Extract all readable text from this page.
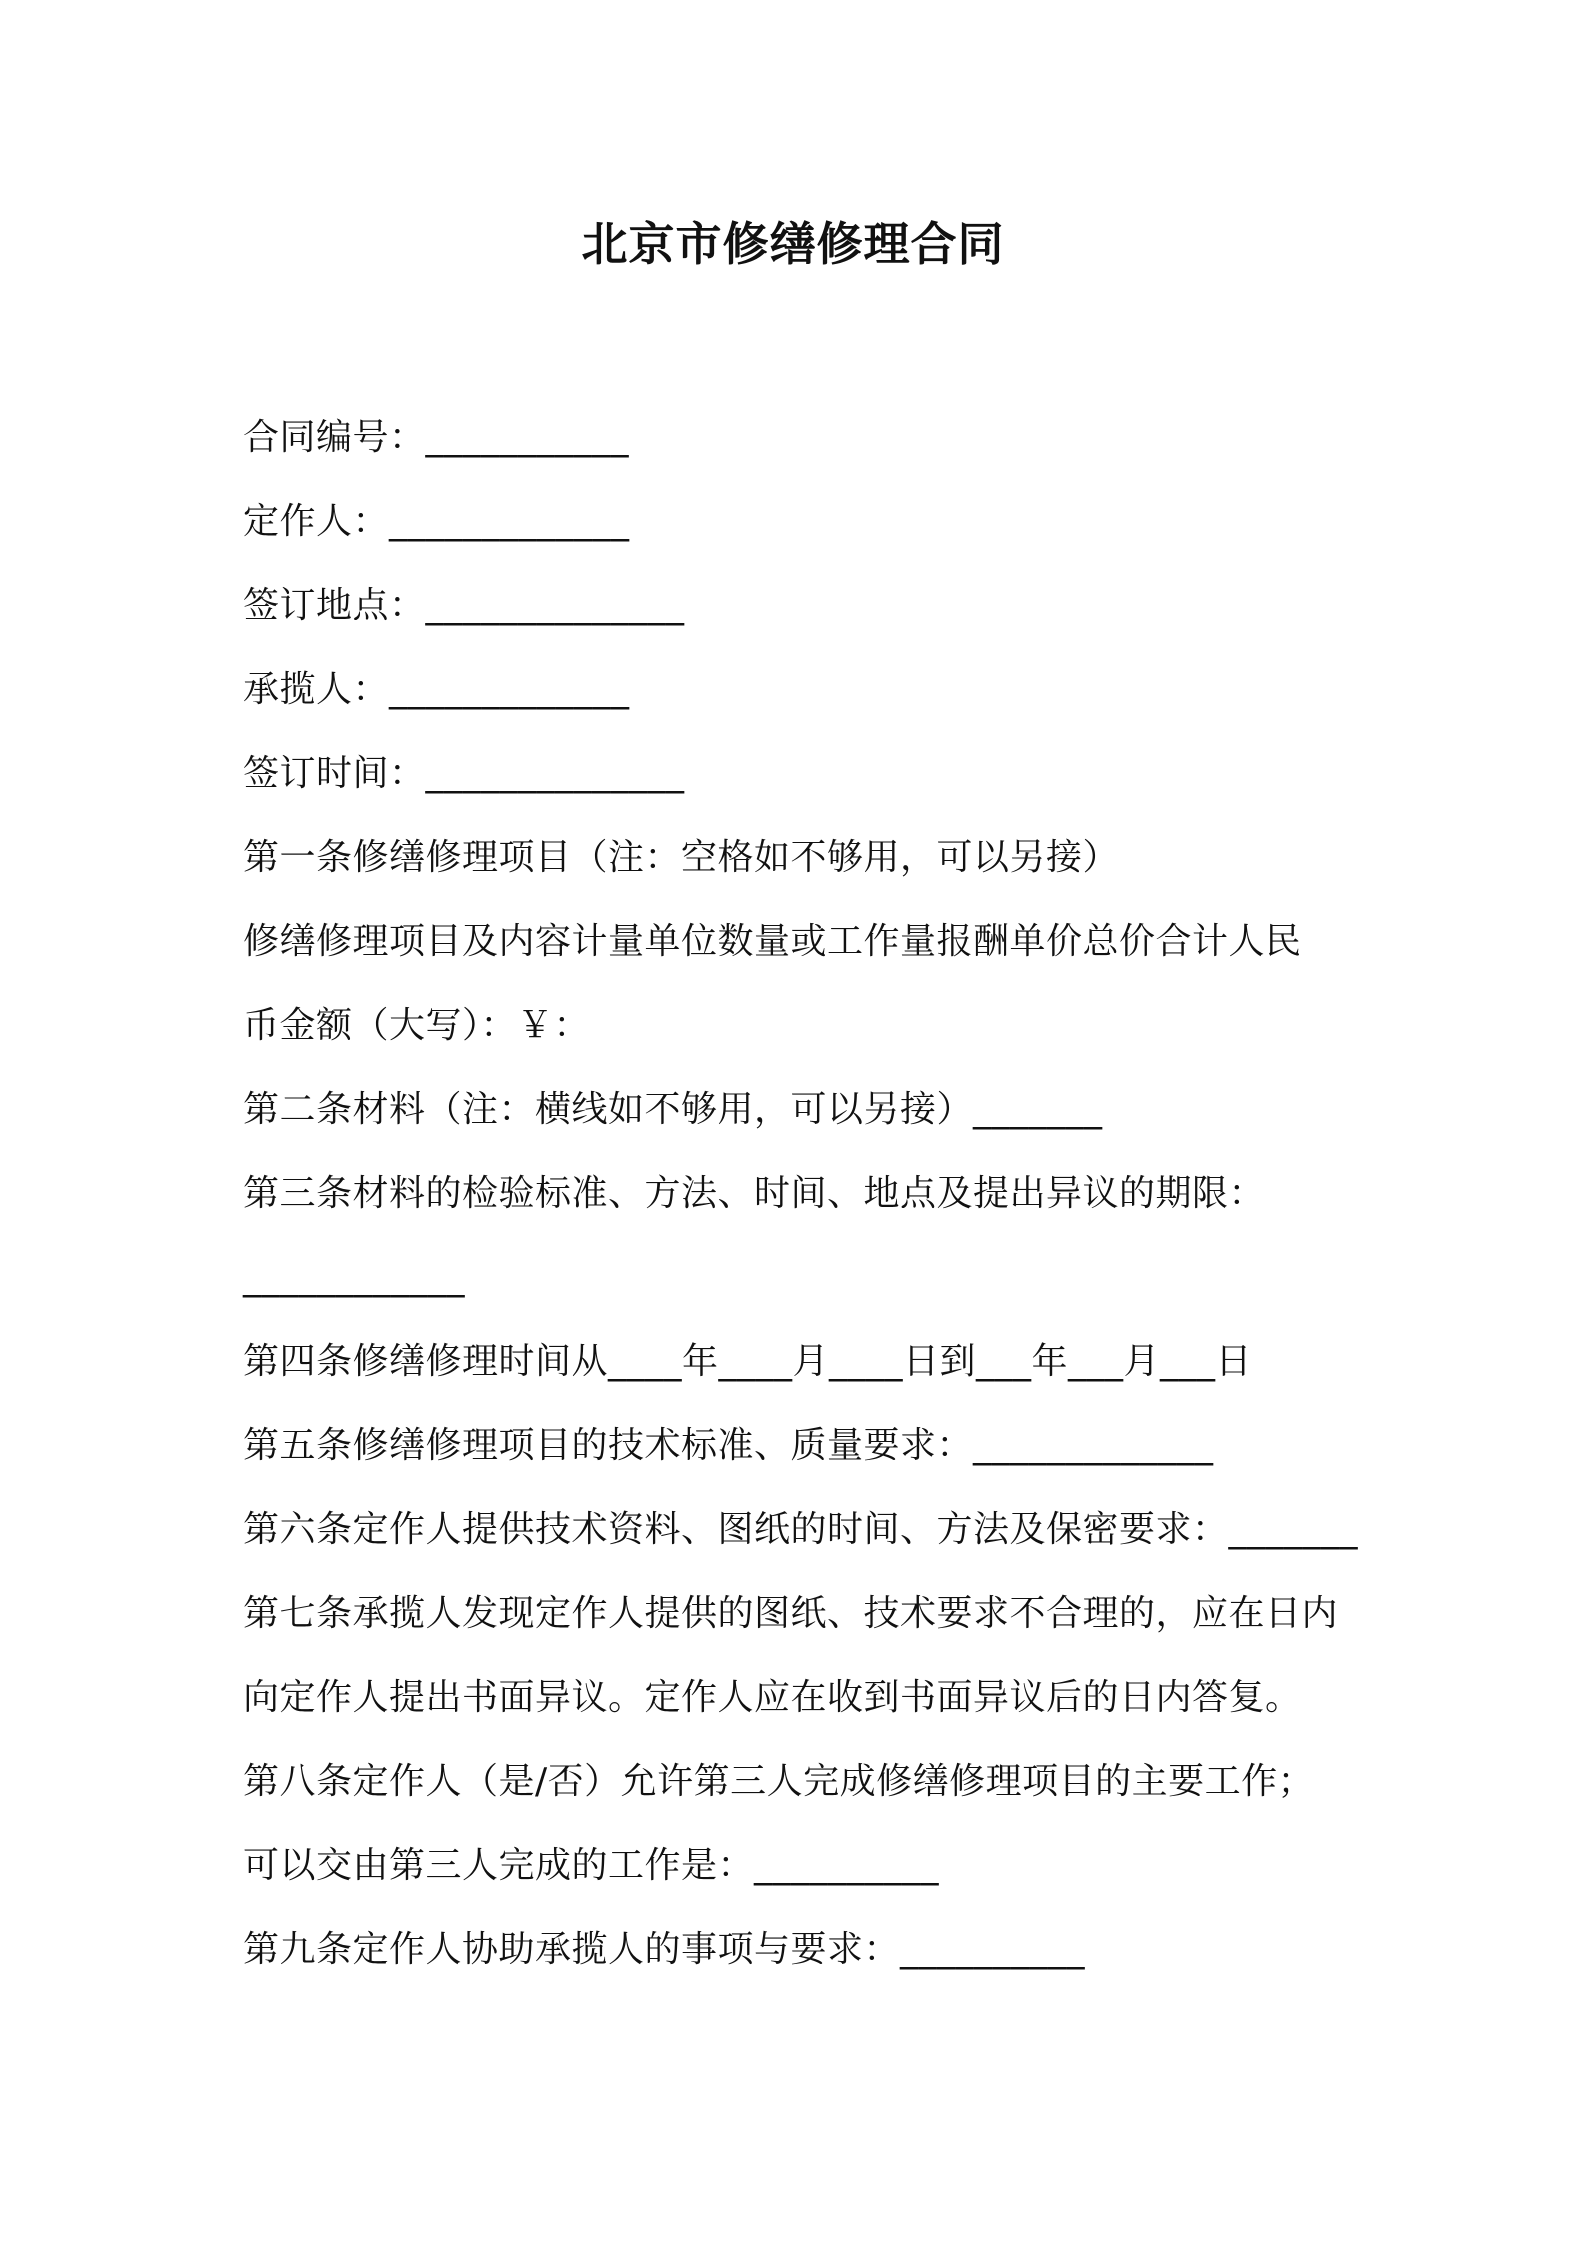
北京市修缮修理合同
合同编号：___________
定作人：_____________
签订地点：______________
承揽人：_____________
签订时间：______________
第一条修缮修理项目（注：空格如不够用，可以另接）
修缮修理项目及内容计量单位数量或工作量报酬单价总价合计人民
币金额（大写）：￥：
第二条材料（注：横线如不够用，可以另接）_______
第三条材料的检验标准、方法、时间、地点及提出异议的期限：
____________
第四条修缮修理时间从____年____月____日到___年___月___日
第五条修缮修理项目的技术标准、质量要求：_____________
第六条定作人提供技术资料、图纸的时间、方法及保密要求：_______
第七条承揽人发现定作人提供的图纸、技术要求不合理的，应在日内
向定作人提出书面异议。定作人应在收到书面异议后的日内答复。
第八条定作人（是/否）允许第三人完成修缮修理项目的主要工作；
可以交由第三人完成的工作是：__________
第九条定作人协助承揽人的事项与要求：__________
